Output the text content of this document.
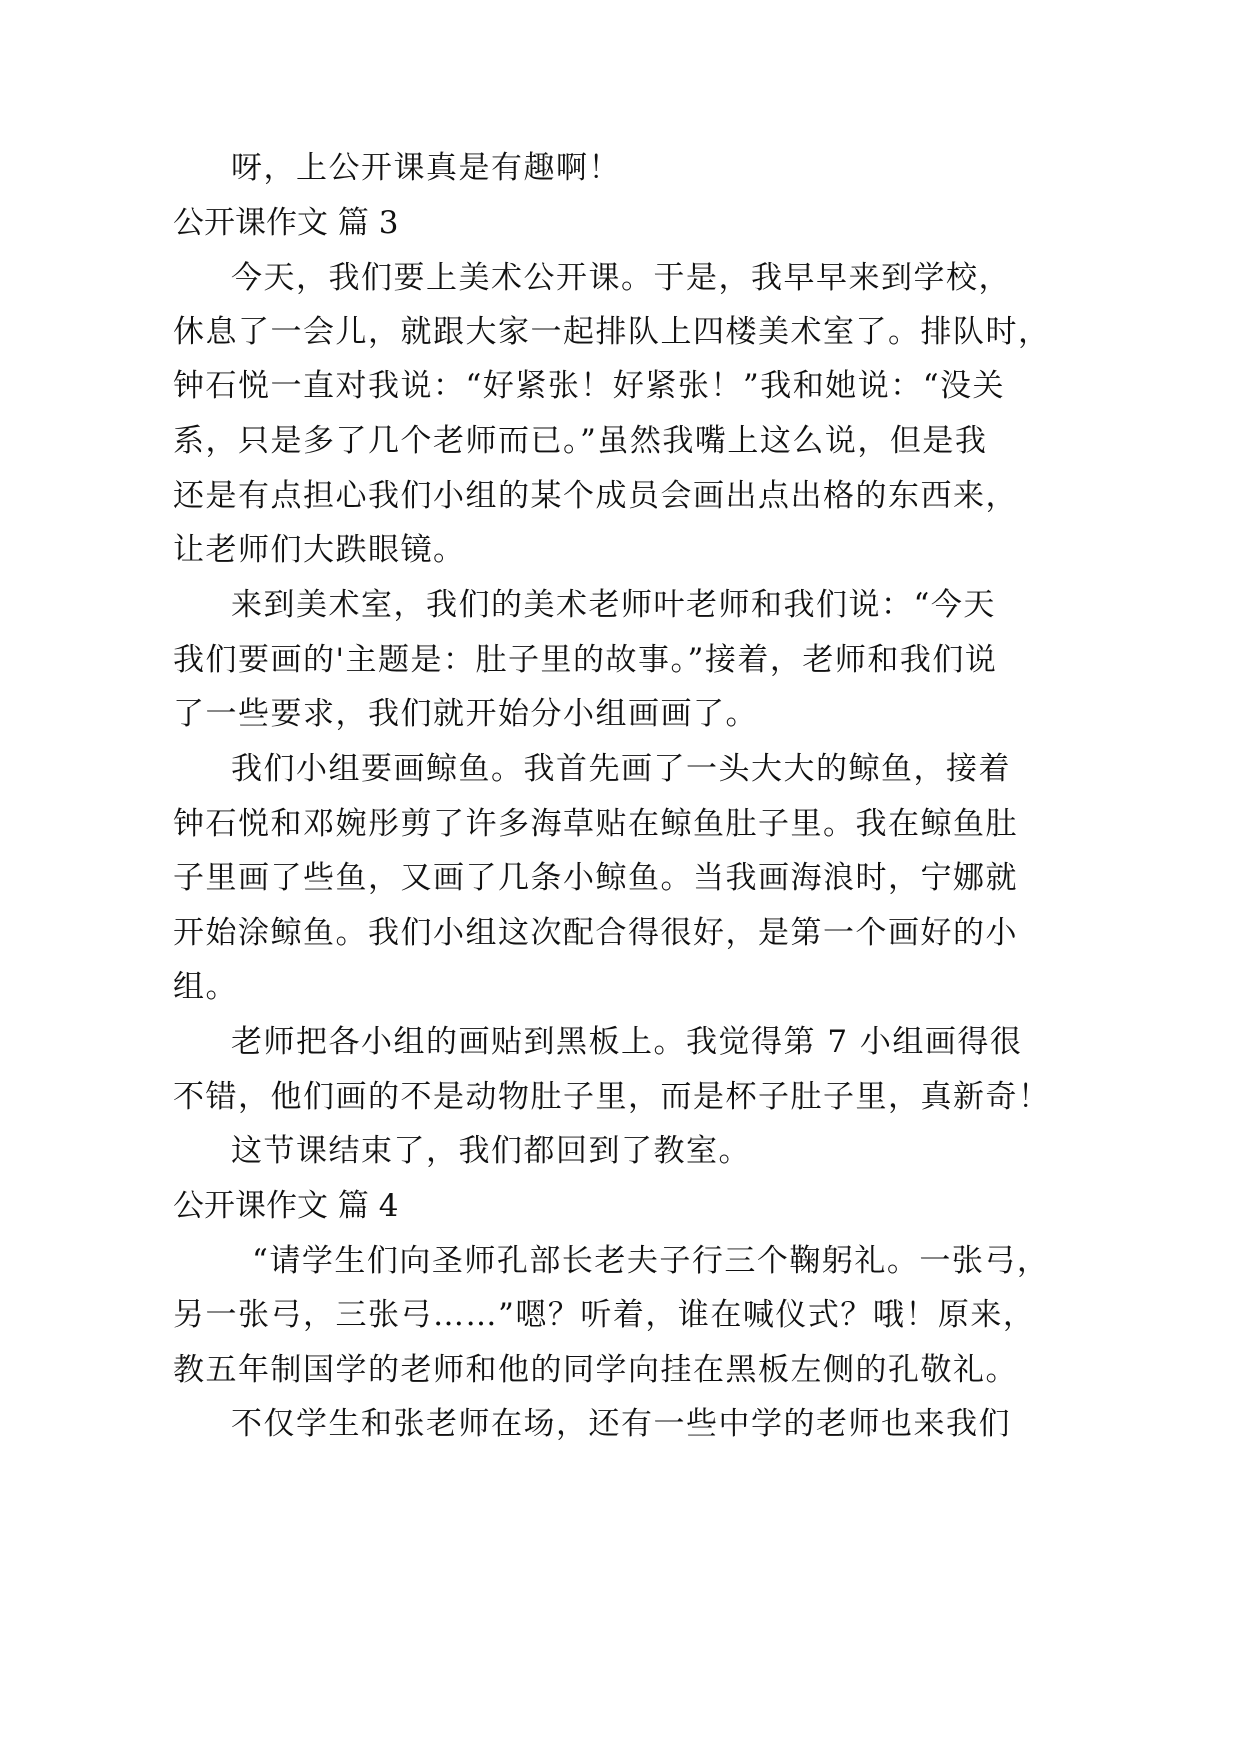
呀，上公开课真是有趣啊！
公开课作文 篇 3
今天，我们要上美术公开课。于是，我早早来到学校，
休息了一会儿，就跟大家一起排队上四楼美术室了。排队时，
钟石悦一直对我说：“好紧张！好紧张！”我和她说：“没关
系，只是多了几个老师而已。”虽然我嘴上这么说，但是我
还是有点担心我们小组的某个成员会画出点出格的东西来，
让老师们大跌眼镜。
来到美术室，我们的美术老师叶老师和我们说：“今天
我们要画的'主题是：肚子里的故事。”接着，老师和我们说
了一些要求，我们就开始分小组画画了。
我们小组要画鲸鱼。我首先画了一头大大的鲸鱼，接着
钟石悦和邓婉彤剪了许多海草贴在鲸鱼肚子里。我在鲸鱼肚
子里画了些鱼，又画了几条小鲸鱼。当我画海浪时，宁娜就
开始涂鲸鱼。我们小组这次配合得很好，是第一个画好的小
组。
老师把各小组的画贴到黑板上。我觉得第 7 小组画得很
不错，他们画的不是动物肚子里，而是杯子肚子里，真新奇！
这节课结束了，我们都回到了教室。
公开课作文 篇 4
“请学生们向圣师孔部长老夫子行三个鞠躬礼。一张弓，
另一张弓，三张弓……”嗯？听着，谁在喊仪式？哦！原来，
教五年制国学的老师和他的同学向挂在黑板左侧的孔敬礼。
不仅学生和张老师在场，还有一些中学的老师也来我们
